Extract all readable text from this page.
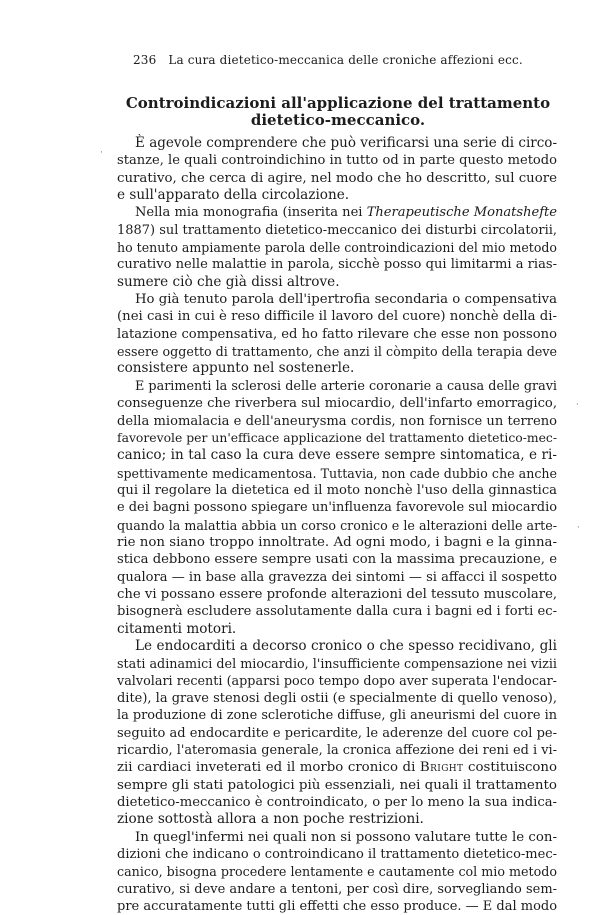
236 La cura dietetico-meccanica delle croniche affezioni ecc.
Controindicazioni all'applicazione del trattamento
dietetico-meccanico.
È agevole comprendere che può verificarsi una serie di circo-
stanze, le quali controindichino in tutto od in parte questo metodo
curativo, che cerca di agire, nel modo che ho descritto, sul cuore
e sull'apparato della circolazione.
Nella mia monografia (inserita nei Therapeutische Monatshefte
1887) sul trattamento dietetico-meccanico dei disturbi circolatorii,
ho tenuto ampiamente parola delle controindicazioni del mio metodo
curativo nelle malattie in parola, sicchè posso qui limitarmi a rias-
sumere ciò che già dissi altrove.
Ho già tenuto parola dell'ipertrofia secondaria o compensativa
(nei casi in cui è reso difficile il lavoro del cuore) nonchè della di-
latazione compensativa, ed ho fatto rilevare che esse non possono
essere oggetto di trattamento, che anzi il còmpito della terapia deve
consistere appunto nel sostenerle.
E parimenti la sclerosi delle arterie coronarie a causa delle gravi
conseguenze che riverbera sul miocardio, dell'infarto emorragico,
della miomalacia e dell'aneurysma cordis, non fornisce un terreno
favorevole per un'efficace applicazione del trattamento dietetico-mec-
canico; in tal caso la cura deve essere sempre sintomatica, e ri-
spettivamente medicamentosa. Tuttavia, non cade dubbio che anche
qui il regolare la dietetica ed il moto nonchè l'uso della ginnastica
e dei bagni possono spiegare un'influenza favorevole sul miocardio
quando la malattia abbia un corso cronico e le alterazioni delle arte-
rie non siano troppo innoltrate. Ad ogni modo, i bagni e la ginna-
stica debbono essere sempre usati con la massima precauzione, e
qualora — in base alla gravezza dei sintomi — si affacci il sospetto
che vi possano essere profonde alterazioni del tessuto muscolare,
bisognerà escludere assolutamente dalla cura i bagni ed i forti ec-
citamenti motori.
Le endocarditi a decorso cronico o che spesso recidivano, gli
stati adinamici del miocardio, l'insufficiente compensazione nei vizii
valvolari recenti (apparsi poco tempo dopo aver superata l'endocar-
dite), la grave stenosi degli ostii (e specialmente di quello venoso),
la produzione di zone sclerotiche diffuse, gli aneurismi del cuore in
seguito ad endocardite e pericardite, le aderenze del cuore col pe-
ricardio, l'ateromasia generale, la cronica affezione dei reni ed i vi-
zii cardiaci inveterati ed il morbo cronico di Bright costituiscono
sempre gli stati patologici più essenziali, nei quali il trattamento
dietetico-meccanico è controindicato, o per lo meno la sua indica-
zione sottostà allora a non poche restrizioni.
In quegl'infermi nei quali non si possono valutare tutte le con-
dizioni che indicano o controindicano il trattamento dietetico-mec-
canico, bisogna procedere lentamente e cautamente col mio metodo
curativo, si deve andare a tentoni, per così dire, sorvegliando sem-
pre accuratamente tutti gli effetti che esso produce. — E dal modo
·
·
·
